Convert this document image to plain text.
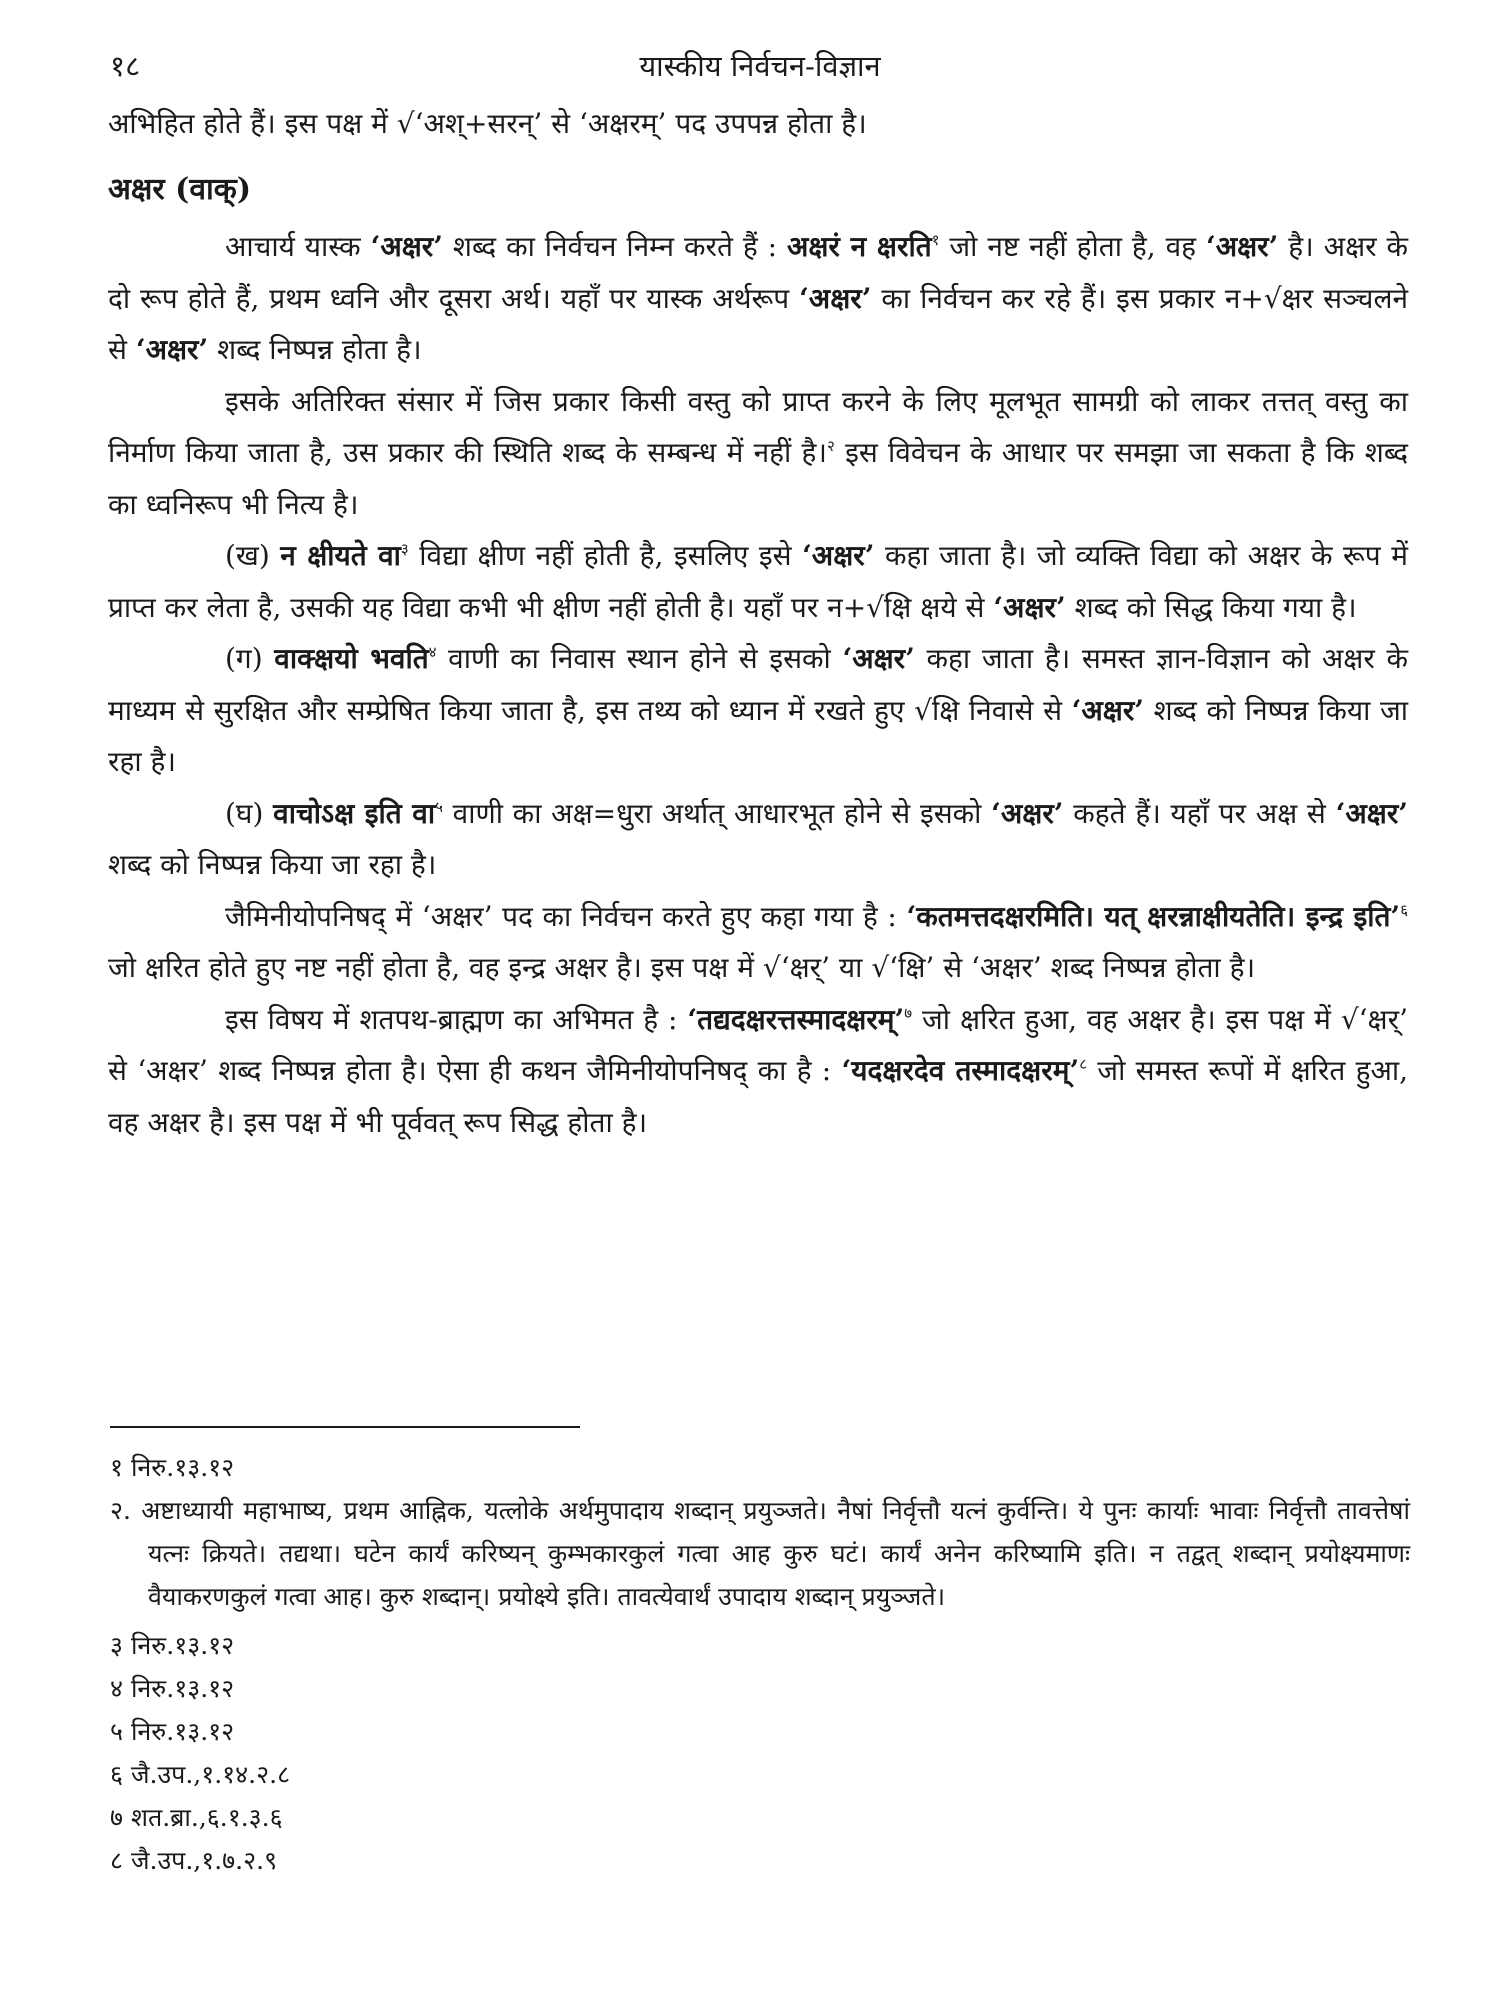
१८	यास्कीय निर्वचन-विज्ञान

अभिहित होते हैं। इस पक्ष में √‘अश्+सरन्’ से ‘अक्षरम्’ पद उपपन्न होता है।

अक्षर (वाक्)

आचार्य यास्क ‘अक्षर’ शब्द का निर्वचन निम्न करते हैं : अक्षरं न क्षरति$^१$ जो नष्ट नहीं होता है, वह ‘अक्षर’ है। अक्षर के दो रूप होते हैं, प्रथम ध्वनि और दूसरा अर्थ। यहाँ पर यास्क अर्थरूप ‘अक्षर’ का निर्वचन कर रहे हैं। इस प्रकार न+√क्षर सञ्चलने से ‘अक्षर’ शब्द निष्पन्न होता है।

इसके अतिरिक्त संसार में जिस प्रकार किसी वस्तु को प्राप्त करने के लिए मूलभूत सामग्री को लाकर तत्तत् वस्तु का निर्माण किया जाता है, उस प्रकार की स्थिति शब्द के सम्बन्ध में नहीं है।$^२$ इस विवेचन के आधार पर समझा जा सकता है कि शब्द का ध्वनिरूप भी नित्य है।

(ख) न क्षीयते वा$^३$ विद्या क्षीण नहीं होती है, इसलिए इसे ‘अक्षर’ कहा जाता है। जो व्यक्ति विद्या को अक्षर के रूप में प्राप्त कर लेता है, उसकी यह विद्या कभी भी क्षीण नहीं होती है। यहाँ पर न+√क्षि क्षये से ‘अक्षर’ शब्द को सिद्ध किया गया है।

(ग) वाक्क्षयो भवति$^४$ वाणी का निवास स्थान होने से इसको ‘अक्षर’ कहा जाता है। समस्त ज्ञान-विज्ञान को अक्षर के माध्यम से सुरक्षित और सम्प्रेषित किया जाता है, इस तथ्य को ध्यान में रखते हुए √क्षि निवासे से ‘अक्षर’ शब्द को निष्पन्न किया जा रहा है।

(घ) वाचोऽक्ष इति वा$^५$ वाणी का अक्ष=धुरा अर्थात् आधारभूत होने से इसको ‘अक्षर’ कहते हैं। यहाँ पर अक्ष से ‘अक्षर’ शब्द को निष्पन्न किया जा रहा है।

जैमिनीयोपनिषद् में ‘अक्षर’ पद का निर्वचन करते हुए कहा गया है : ‘कतमत्तदक्षरमिति। यत् क्षरन्नाक्षीयतेति। इन्द्र इति’$^६$ जो क्षरित होते हुए नष्ट नहीं होता है, वह इन्द्र अक्षर है। इस पक्ष में √‘क्षर्’ या √‘क्षि’ से ‘अक्षर’ शब्द निष्पन्न होता है।

इस विषय में शतपथ-ब्राह्मण का अभिमत है : ‘तद्यदक्षरत्तस्मादक्षरम्’$^७$ जो क्षरित हुआ, वह अक्षर है। इस पक्ष में √‘क्षर्’ से ‘अक्षर’ शब्द निष्पन्न होता है। ऐसा ही कथन जैमिनीयोपनिषद् का है : ‘यदक्षरदेव तस्मादक्षरम्’$^८$ जो समस्त रूपों में क्षरित हुआ, वह अक्षर है। इस पक्ष में भी पूर्ववत् रूप सिद्ध होता है।

१ निरु.१३.१२

२. अष्टाध्यायी महाभाष्य, प्रथम आह्निक, यत्लोके अर्थमुपादाय शब्दान् प्रयुञ्जते। नैषां निर्वृत्तौ यत्नं कुर्वन्ति। ये पुनः कार्याः भावाः निर्वृत्तौ तावत्तेषां यत्नः क्रियते। तद्यथा। घटेन कार्यं करिष्यन् कुम्भकारकुलं गत्वा आह कुरु घटं। कार्यं अनेन करिष्यामि इति। न तद्वत् शब्दान् प्रयोक्ष्यमाणः वैयाकरणकुलं गत्वा आह। कुरु शब्दान्। प्रयोक्ष्ये इति। तावत्येवार्थं उपादाय शब्दान् प्रयुञ्जते।

३ निरु.१३.१२

४ निरु.१३.१२

५ निरु.१३.१२

६ जै.उप.,१.१४.२.८

७ शत.ब्रा.,६.१.३.६

८ जै.उप.,१.७.२.९
